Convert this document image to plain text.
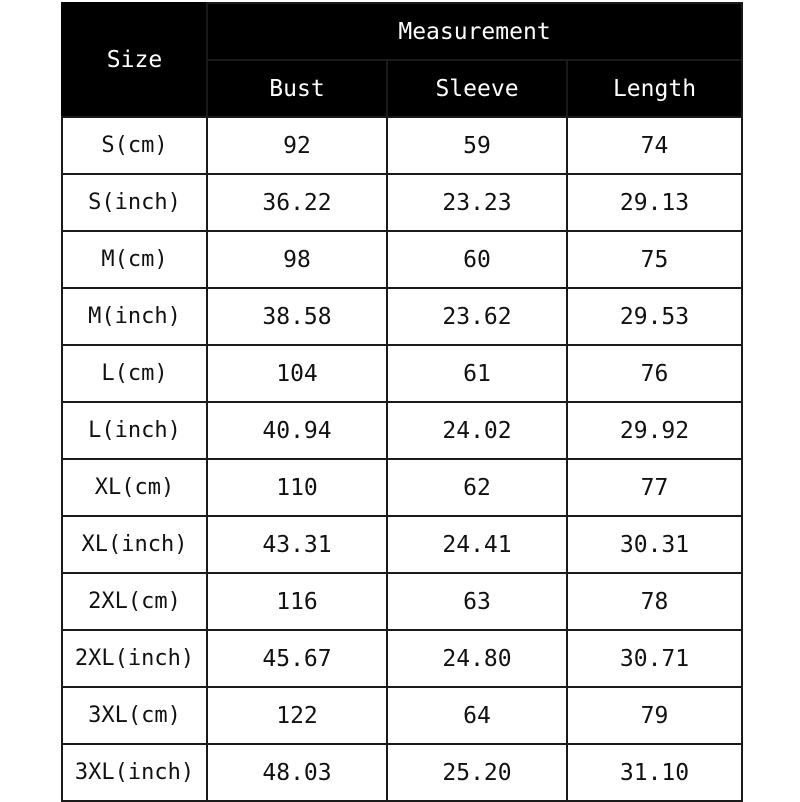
Size	Measurement		
	Bust	Sleeve	Length
S(cm)	92	59	74
S(inch)	36.22	23.23	29.13
M(cm)	98	60	75
M(inch)	38.58	23.62	29.53
L(cm)	104	61	76
L(inch)	40.94	24.02	29.92
XL(cm)	110	62	77
XL(inch)	43.31	24.41	30.31
2XL(cm)	116	63	78
2XL(inch)	45.67	24.80	30.71
3XL(cm)	122	64	79
3XL(inch)	48.03	25.20	31.10
